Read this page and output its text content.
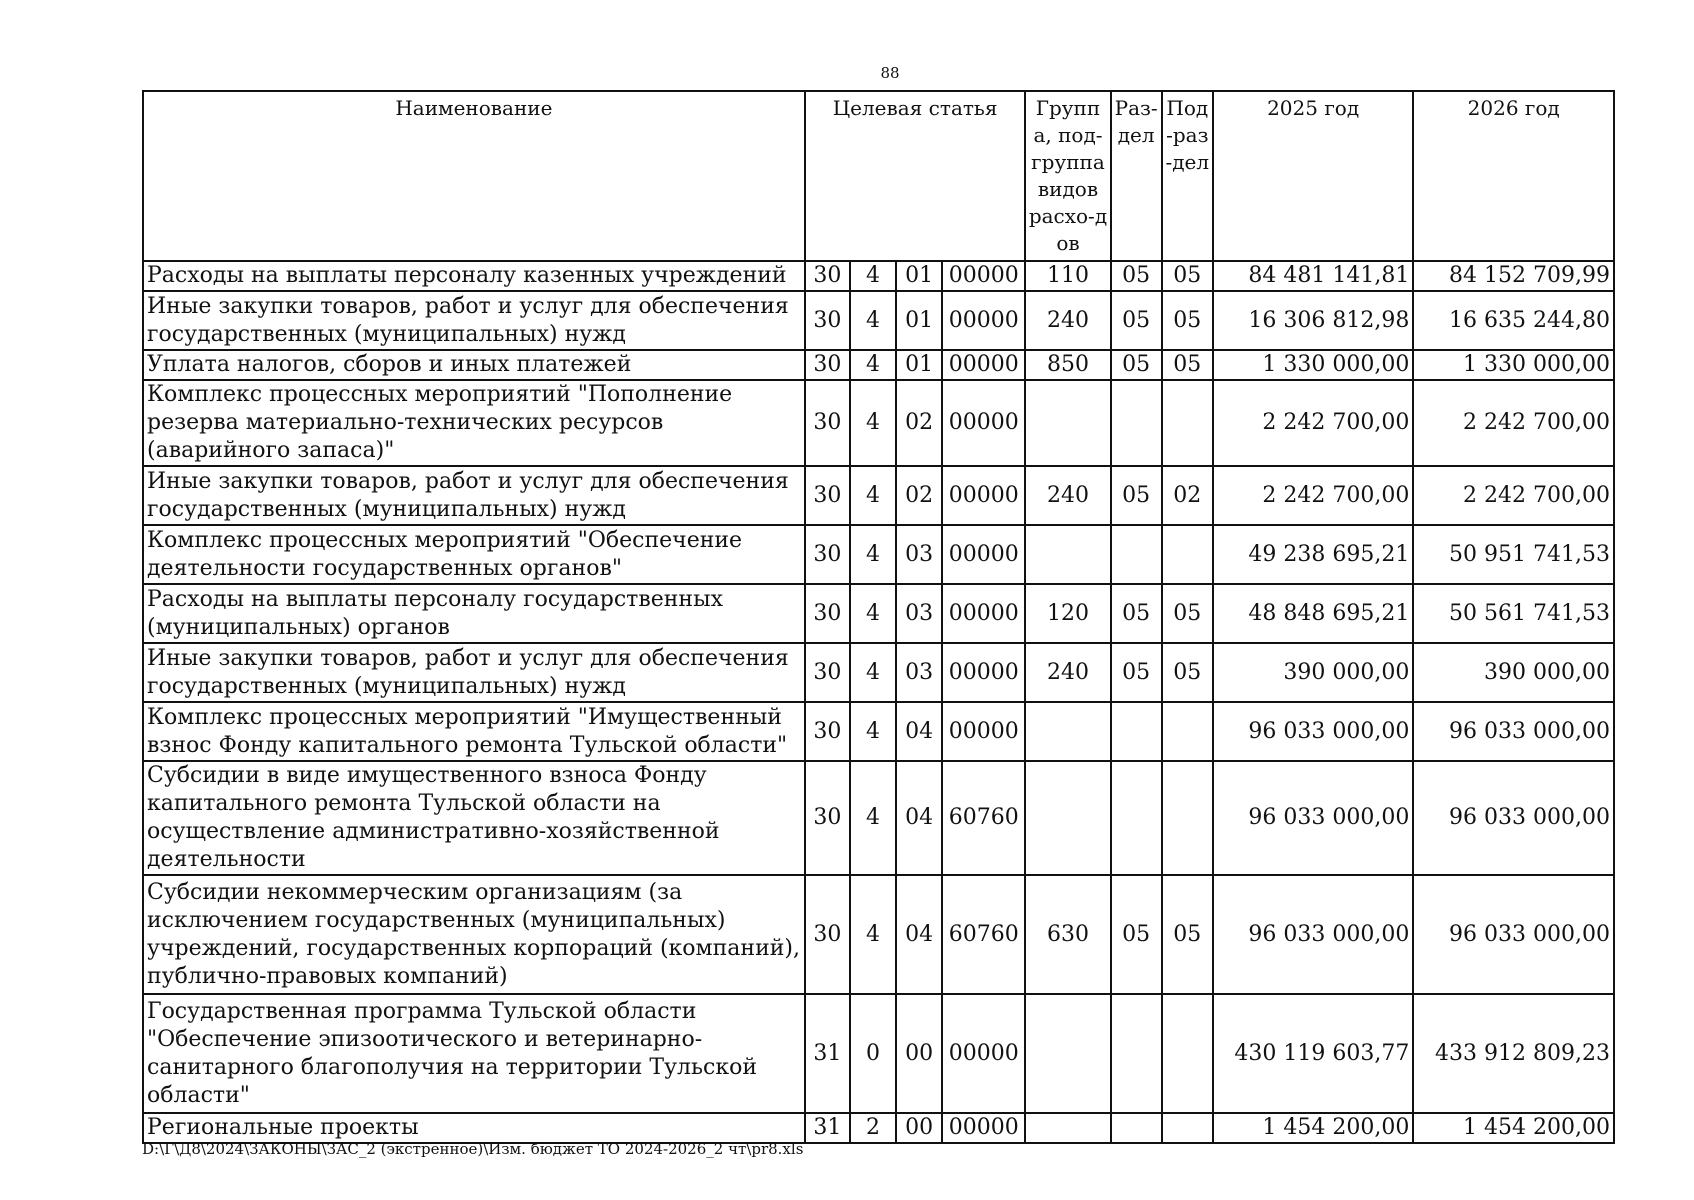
88
Наименование	Целевая статья				Группа, под-группа видов расхо-дов	Раз-дел	Под-раз-дел	2025 год	2026 год
Расходы на выплаты персоналу казенных учреждений	30	4	01	00000	110	05	05	84 481 141,81	84 152 709,99
Иные закупки товаров, работ и услуг для обеспечения государственных (муниципальных) нужд	30	4	01	00000	240	05	05	16 306 812,98	16 635 244,80
Уплата налогов, сборов и иных платежей	30	4	01	00000	850	05	05	1 330 000,00	1 330 000,00
Комплекс процессных мероприятий "Пополнение резерва материально-технических ресурсов (аварийного запаса)"	30	4	02	00000				2 242 700,00	2 242 700,00
Иные закупки товаров, работ и услуг для обеспечения государственных (муниципальных) нужд	30	4	02	00000	240	05	02	2 242 700,00	2 242 700,00
Комплекс процессных мероприятий "Обеспечение деятельности государственных органов"	30	4	03	00000				49 238 695,21	50 951 741,53
Расходы на выплаты персоналу государственных (муниципальных) органов	30	4	03	00000	120	05	05	48 848 695,21	50 561 741,53
Иные закупки товаров, работ и услуг для обеспечения государственных (муниципальных) нужд	30	4	03	00000	240	05	05	390 000,00	390 000,00
Комплекс процессных мероприятий "Имущественный взнос Фонду капитального ремонта Тульской области"	30	4	04	00000				96 033 000,00	96 033 000,00
Субсидии в виде имущественного взноса Фонду капитального ремонта Тульской области на осуществление административно-хозяйственной деятельности	30	4	04	60760				96 033 000,00	96 033 000,00
Субсидии некоммерческим организациям (за исключением государственных (муниципальных) учреждений, государственных корпораций (компаний), публично-правовых компаний)	30	4	04	60760	630	05	05	96 033 000,00	96 033 000,00
Государственная программа Тульской области "Обеспечение эпизоотического и ветеринарно-санитарного благополучия на территории Тульской области"	31	0	00	00000				430 119 603,77	433 912 809,23
Региональные проекты	31	2	00	00000				1 454 200,00	1 454 200,00
D:\Г\Д8\2024\ЗАКОНЫ\ЗАС_2 (экстренное)\Изм. бюджет ТО 2024-2026_2 чт\pr8.xls
